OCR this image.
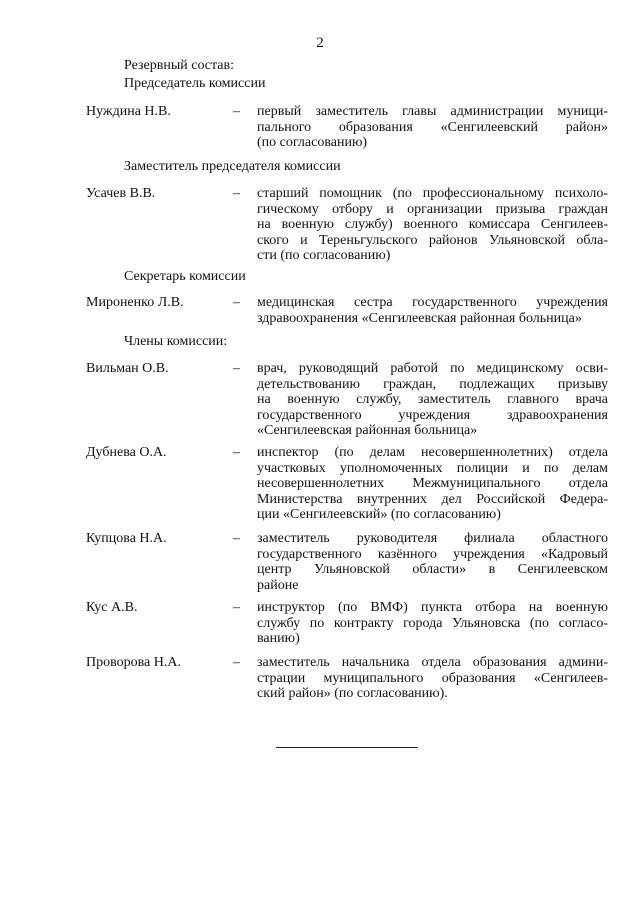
2
Резервный состав:
Председатель комиссии
Нуждина Н.В.	– первый заместитель главы администрации муници-
пального образования «Сенгилеевский район»
(по согласованию)
Заместитель председателя комиссии
Усачев В.В.	– старший помощник (по профессиональному психоло-
гическому отбору и организации призыва граждан
на военную службу) военного комиссара Сенгилеев-
ского и Тереньгульского районов Ульяновской обла-
сти (по согласованию)
Секретарь комиссии
Мироненко Л.В.	– медицинская сестра государственного учреждения
здравоохранения «Сенгилеевская районная больница»
Члены комиссии:
Вильман О.В.	– врач, руководящий работой по медицинскому осви-
детельствованию граждан, подлежащих призыву
на военную службу, заместитель главного врача
государственного учреждения здравоохранения
«Сенгилеевская районная больница»
Дубнева О.А.	– инспектор (по делам несовершеннолетних) отдела
участковых уполномоченных полиции и по делам
несовершеннолетних Межмуниципального отдела
Министерства внутренних дел Российской Федера-
ции «Сенгилеевский» (по согласованию)
Купцова Н.А.	– заместитель руководителя филиала областного
государственного казённого учреждения «Кадровый
центр Ульяновской области» в Сенгилеевском
районе
Кус А.В.	– инструктор (по ВМФ) пункта отбора на военную
службу по контракту города Ульяновска (по согласо-
ванию)
Проворова Н.А.	– заместитель начальника отдела образования админи-
страции муниципального образования «Сенгилеев-
ский район» (по согласованию).
